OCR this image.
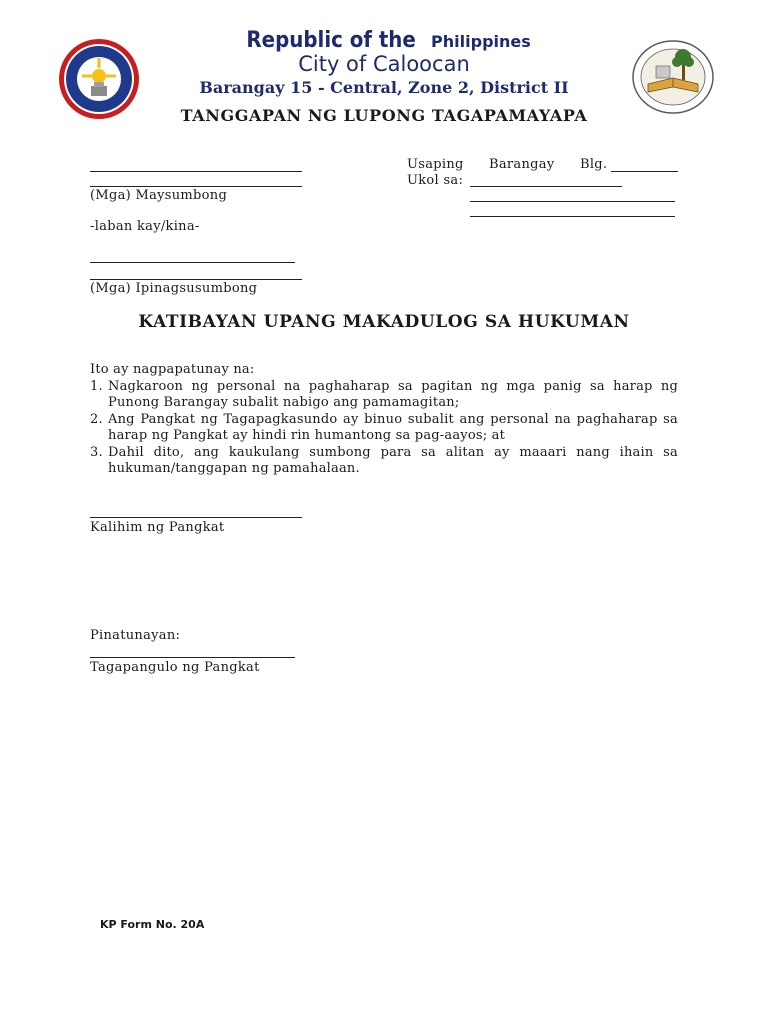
Republic of the Philippines
City of Caloocan
Barangay 15 - Central, Zone 2, District II
TANGGAPAN NG LUPONG TAGAPAMAYAPA
(Mga) Maysumbong
-laban kay/kina-
(Mga) Ipinagsusumbong
Usaping Barangay Blg.
Ukol sa:
KATIBAYAN UPANG MAKADULOG SA HUKUMAN
Ito ay nagpapatunay na:
1. Nagkaroon ng personal na paghaharap sa pagitan ng mga panig sa harap ng Punong Barangay subalit nabigo ang pamamagitan;
2. Ang Pangkat ng Tagapagkasundo ay binuo subalit ang personal na paghaharap sa harap ng Pangkat ay hindi rin humantong sa pag-aayos; at
3. Dahil dito, ang kaukulang sumbong para sa alitan ay maaari nang ihain sa hukuman/tanggapan ng pamahalaan.
Kalihim ng Pangkat
Pinatunayan:
Tagapangulo ng Pangkat
KP Form No. 20A
